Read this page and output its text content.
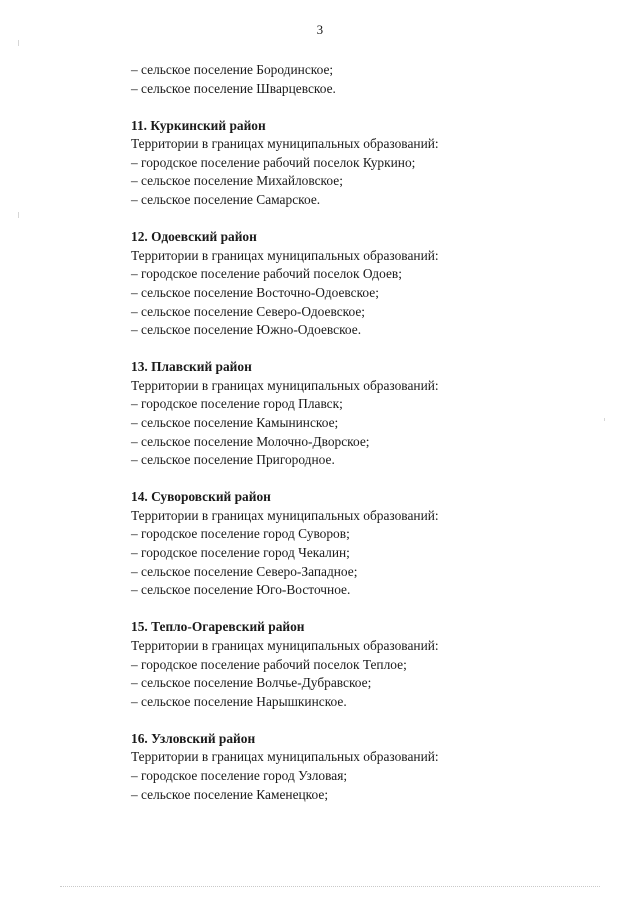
3
– сельское поселение Бородинское;
– сельское поселение Шварцевское.
11. Куркинский район
Территории в границах муниципальных образований:
– городское поселение рабочий поселок Куркино;
– сельское поселение Михайловское;
– сельское поселение Самарское.
12. Одоевский район
Территории в границах муниципальных образований:
– городское поселение рабочий поселок Одоев;
– сельское поселение Восточно-Одоевское;
– сельское поселение Северо-Одоевское;
– сельское поселение Южно-Одоевское.
13. Плавский район
Территории в границах муниципальных образований:
– городское поселение город Плавск;
– сельское поселение Камынинское;
– сельское поселение Молочно-Дворское;
– сельское поселение Пригородное.
14. Суворовский район
Территории в границах муниципальных образований:
– городское поселение город Суворов;
– городское поселение город Чекалин;
– сельское поселение Северо-Западное;
– сельское поселение Юго-Восточное.
15. Тепло-Огаревский район
Территории в границах муниципальных образований:
– городское поселение рабочий поселок Теплое;
– сельское поселение Волчье-Дубравское;
– сельское поселение Нарышкинское.
16. Узловский район
Территории в границах муниципальных образований:
– городское поселение город Узловая;
– сельское поселение Каменецкое;
